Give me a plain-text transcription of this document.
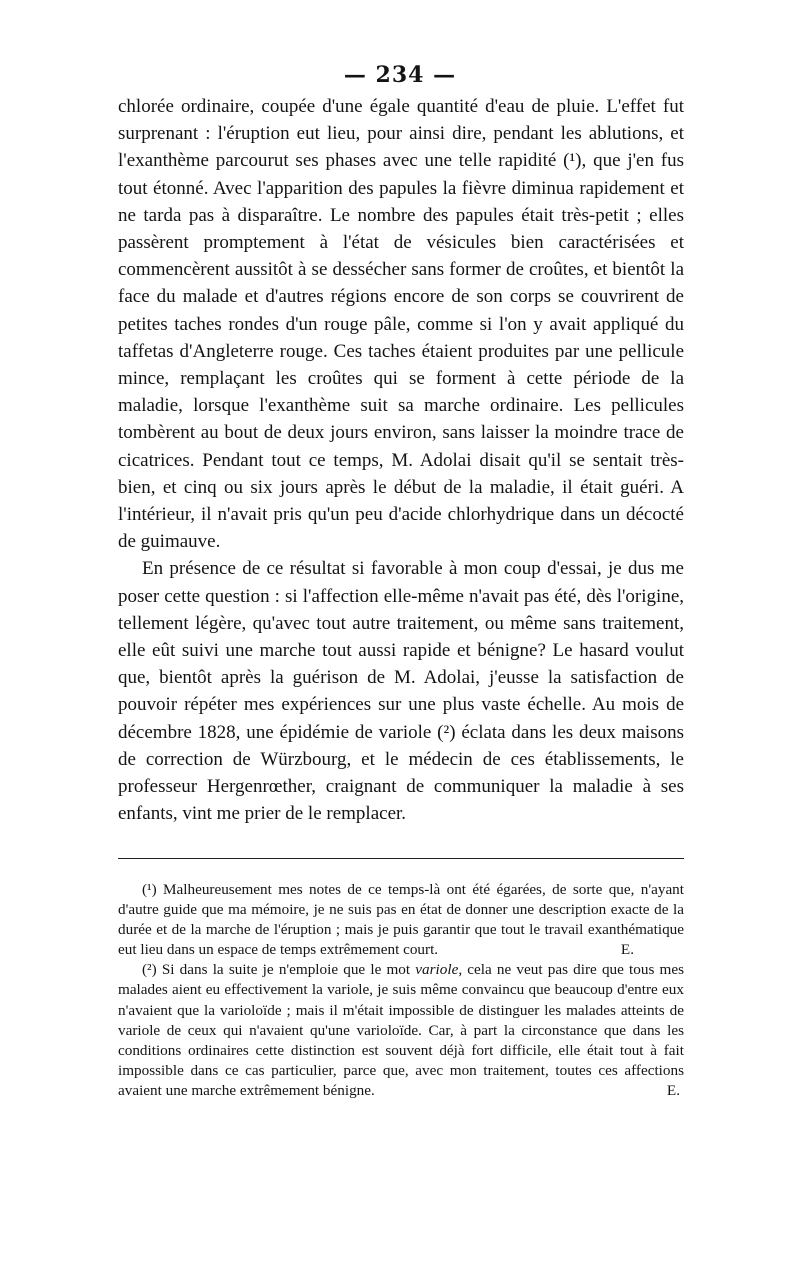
— 234 —

chlorée ordinaire, coupée d'une égale quantité d'eau de pluie. L'effet fut surprenant : l'éruption eut lieu, pour ainsi dire, pendant les ablutions, et l'exanthème parcourut ses phases avec une telle rapidité (¹), que j'en fus tout étonné. Avec l'apparition des papules la fièvre diminua rapidement et ne tarda pas à disparaître. Le nombre des papules était très-petit ; elles passèrent promptement à l'état de vésicules bien caractérisées et commencèrent aussitôt à se dessécher sans former de croûtes, et bientôt la face du malade et d'autres régions encore de son corps se couvrirent de petites taches rondes d'un rouge pâle, comme si l'on y avait appliqué du taffetas d'Angleterre rouge. Ces taches étaient produites par une pellicule mince, remplaçant les croûtes qui se forment à cette période de la maladie, lorsque l'exanthème suit sa marche ordinaire. Les pellicules tombèrent au bout de deux jours environ, sans laisser la moindre trace de cicatrices. Pendant tout ce temps, M. Adolai disait qu'il se sentait très-bien, et cinq ou six jours après le début de la maladie, il était guéri. A l'intérieur, il n'avait pris qu'un peu d'acide chlorhydrique dans un décocté de guimauve.

En présence de ce résultat si favorable à mon coup d'essai, je dus me poser cette question : si l'affection elle-même n'avait pas été, dès l'origine, tellement légère, qu'avec tout autre traitement, ou même sans traitement, elle eût suivi une marche tout aussi rapide et bénigne? Le hasard voulut que, bientôt après la guérison de M. Adolai, j'eusse la satisfaction de pouvoir répéter mes expériences sur une plus vaste échelle. Au mois de décembre 1828, une épidémie de variole (²) éclata dans les deux maisons de correction de Würzbourg, et le médecin de ces établissements, le professeur Hergenrœther, craignant de communiquer la maladie à ses enfants, vint me prier de le remplacer.

(¹) Malheureusement mes notes de ce temps-là ont été égarées, de sorte que, n'ayant d'autre guide que ma mémoire, je ne suis pas en état de donner une description exacte de la durée et de la marche de l'éruption ; mais je puis garantir que tout le travail exanthématique eut lieu dans un espace de temps extrêmement court.	E.

(²) Si dans la suite je n'emploie que le mot variole, cela ne veut pas dire que tous mes malades aient eu effectivement la variole, je suis même convaincu que beaucoup d'entre eux n'avaient que la varioloïde ; mais il m'était impossible de distinguer les malades atteints de variole de ceux qui n'avaient qu'une varioloïde. Car, à part la circonstance que dans les conditions ordinaires cette distinction est souvent déjà fort difficile, elle était tout à fait impossible dans ce cas particulier, parce que, avec mon traitement, toutes ces affections avaient une marche extrêmement bénigne.	E.
